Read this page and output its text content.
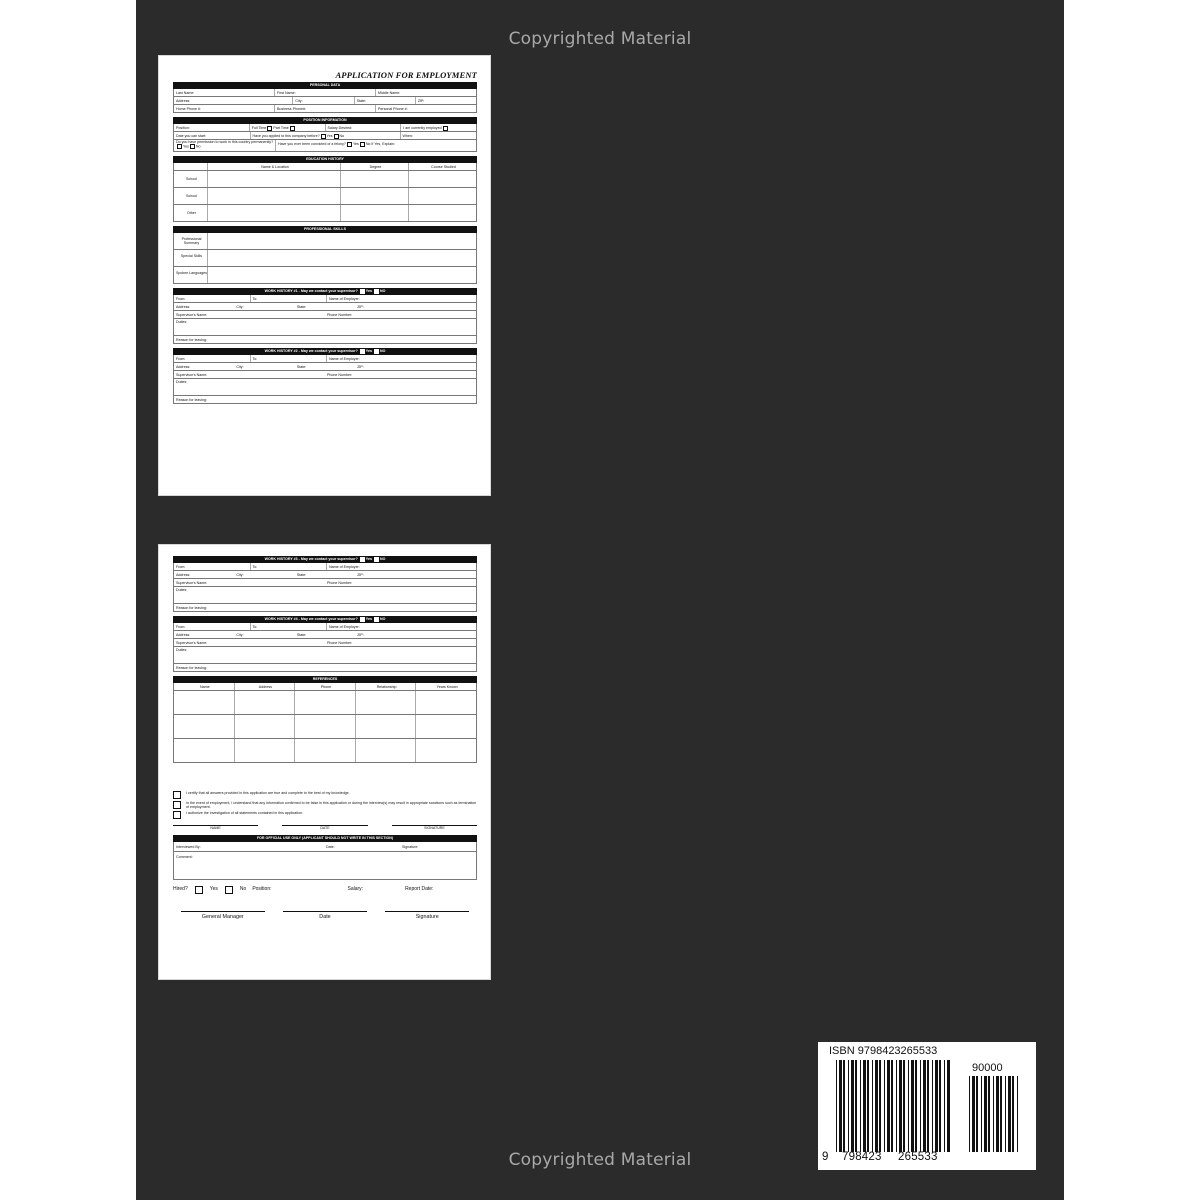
Copyrighted Material
APPLICATION FOR EMPLOYMENT
PERSONAL DATA
Last Name:	First Name:	Middle Name:
Address:	City:	State:	ZIP:
Home Phone #:	Business Phone#:	Personal Phone #:
POSITION INFORMATION
Position:	Full Time Part Time	Salary Desired:	I am currently employed
Date you can start:	Have you applied to this company before? Yes No	When:
Do you have permission to work in this country permanently? Yes No
Have you ever been convicted of a felony? Yes No If Yes, Explain:
EDUCATION HISTORY
Name & Location	Degree	Course Studied
School
School
Other
PROFESSIONAL SKILLS
Professional Summary
Special Skills
Spoken Languages
WORK HISTORY #1 - May we contact your supervisor? Yes NO
From:	To:	Name of Employer:
Address:	City:	State:	ZIP:
Supervisor's Name:	Phone Number:
Duties:
Reason for leaving:
WORK HISTORY #2 - May we contact your supervisor? Yes NO
From:	To:	Name of Employer:
Address:	City:	State:	ZIP:
Supervisor's Name:	Phone Number:
Duties:
Reason for leaving:
WORK HISTORY #3 - May we contact your supervisor? Yes NO
From:	To:	Name of Employer:
Address:	City:	State:	ZIP:
Supervisor's Name:	Phone Number:
Duties:
Reason for leaving:
WORK HISTORY #4 - May we contact your supervisor? Yes NO
From:	To:	Name of Employer:
Address:	City:	State:	ZIP:
Supervisor's Name:	Phone Number:
Duties:
Reason for leaving:
REFERENCES
Name	Address	Phone	Relationship	Years Known
I certify that all answers provided in this application are true and complete to the best of my knowledge.
In the event of employment, I understand that any information confirmed to be false in this application or during the interview(s) may result in appropriate sanctions such as termination of employment.
I authorize the investigation of all statements contained in this application.
NAME	DATE	SIGNATURE
FOR OFFICIAL USE ONLY (APPLICANT SHOULD NOT WRITE IN THIS SECTION)
Interviewed By:	Date:	Signature:
Comment:
Hired?	Yes	No Position:	Salary:	Report Date:
General Manager	Date	Signature
ISBN 9798423265533
90000
9 798423 265533
Copyrighted Material
